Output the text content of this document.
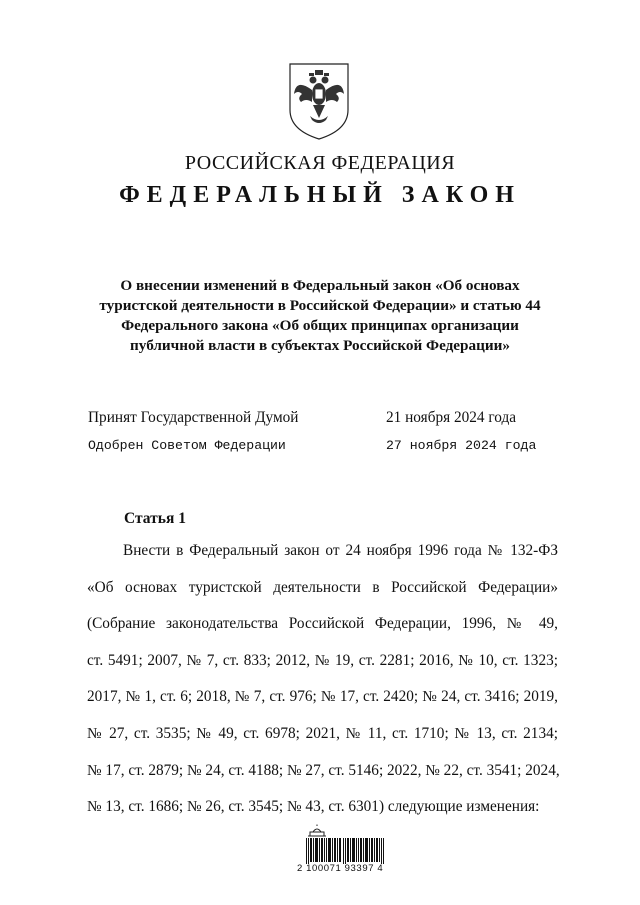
РОССИЙСКАЯ ФЕДЕРАЦИЯ
ФЕДЕРАЛЬНЫЙ ЗАКОН
О внесении изменений в Федеральный закон «Об основах
туристской деятельности в Российской Федерации» и статью 44
Федерального закона «Об общих принципах организации
публичной власти в субъектах Российской Федерации»
Принят Государственной Думой	21 ноября 2024 года
Одобрен Советом Федерации	27 ноября 2024 года
Статья 1
Внести в Федеральный закон от 24 ноября 1996 года № 132-ФЗ
«Об основах туристской деятельности в Российской Федерации»
(Собрание законодательства Российской Федерации, 1996, № 49,
ст. 5491; 2007, № 7, ст. 833; 2012, № 19, ст. 2281; 2016, № 10, ст. 1323;
2017, № 1, ст. 6; 2018, № 7, ст. 976; № 17, ст. 2420; № 24, ст. 3416; 2019,
№ 27, ст. 3535; № 49, ст. 6978; 2021, № 11, ст. 1710; № 13, ст. 2134;
№ 17, ст. 2879; № 24, ст. 4188; № 27, ст. 5146; 2022, № 22, ст. 3541; 2024,
№ 13, ст. 1686; № 26, ст. 3545; № 43, ст. 6301) следующие изменения:
2 100071 93397 4
